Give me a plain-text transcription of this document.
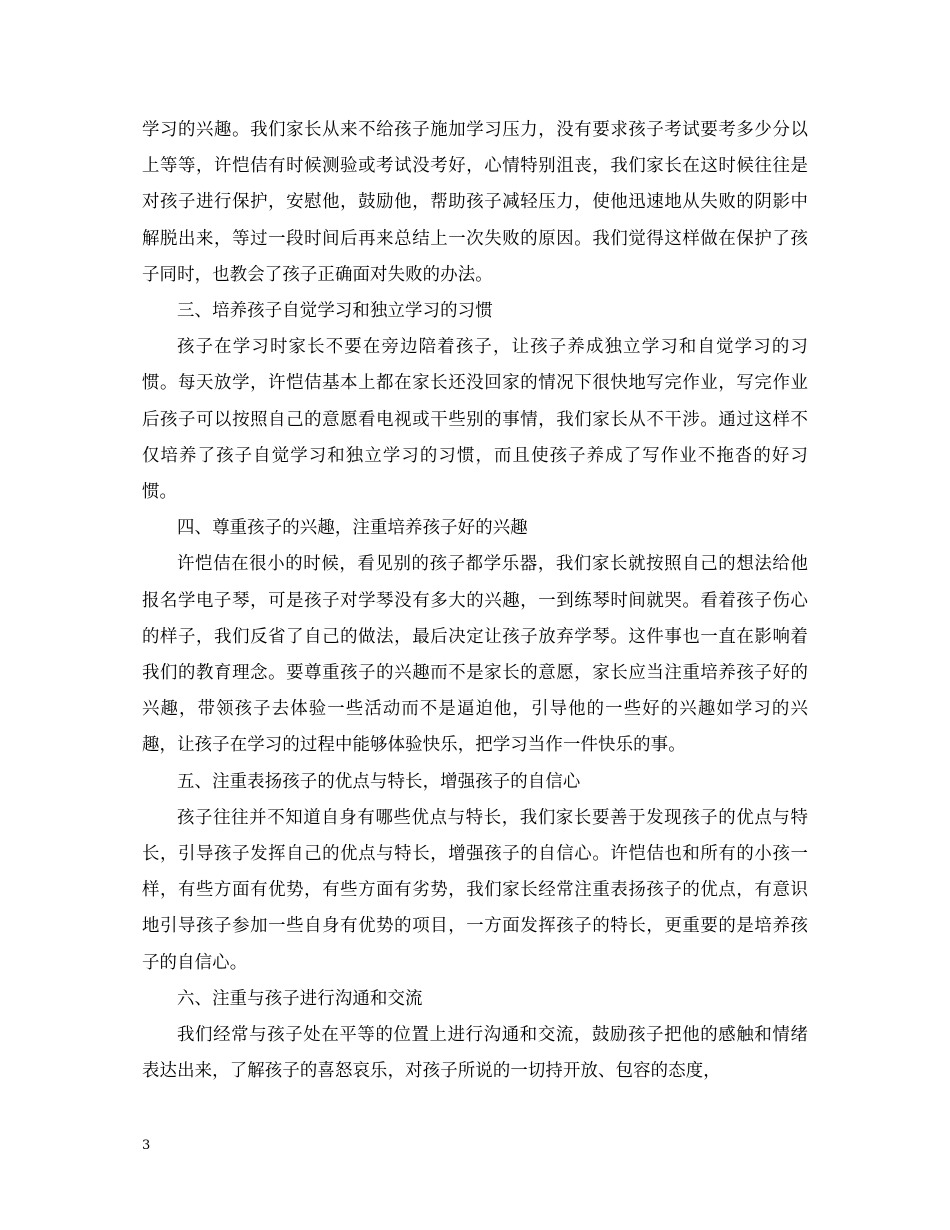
学习的兴趣。我们家长从来不给孩子施加学习压力，没有要求孩子考试要考多少分以上等等，许恺佶有时候测验或考试没考好，心情特别沮丧，我们家长在这时候往往是对孩子进行保护，安慰他，鼓励他，帮助孩子减轻压力，使他迅速地从失败的阴影中解脱出来，等过一段时间后再来总结上一次失败的原因。我们觉得这样做在保护了孩子同时，也教会了孩子正确面对失败的办法。

三、培养孩子自觉学习和独立学习的习惯

孩子在学习时家长不要在旁边陪着孩子，让孩子养成独立学习和自觉学习的习惯。每天放学，许恺佶基本上都在家长还没回家的情况下很快地写完作业，写完作业后孩子可以按照自己的意愿看电视或干些别的事情，我们家长从不干涉。通过这样不仅培养了孩子自觉学习和独立学习的习惯，而且使孩子养成了写作业不拖沓的好习惯。

四、尊重孩子的兴趣，注重培养孩子好的兴趣

许恺佶在很小的时候，看见别的孩子都学乐器，我们家长就按照自己的想法给他报名学电子琴，可是孩子对学琴没有多大的兴趣，一到练琴时间就哭。看着孩子伤心的样子，我们反省了自己的做法，最后决定让孩子放弃学琴。这件事也一直在影响着我们的教育理念。要尊重孩子的兴趣而不是家长的意愿，家长应当注重培养孩子好的兴趣，带领孩子去体验一些活动而不是逼迫他，引导他的一些好的兴趣如学习的兴趣，让孩子在学习的过程中能够体验快乐，把学习当作一件快乐的事。

五、注重表扬孩子的优点与特长，增强孩子的自信心

孩子往往并不知道自身有哪些优点与特长，我们家长要善于发现孩子的优点与特长，引导孩子发挥自己的优点与特长，增强孩子的自信心。许恺佶也和所有的小孩一样，有些方面有优势，有些方面有劣势，我们家长经常注重表扬孩子的优点，有意识地引导孩子参加一些自身有优势的项目，一方面发挥孩子的特长，更重要的是培养孩子的自信心。

六、注重与孩子进行沟通和交流

我们经常与孩子处在平等的位置上进行沟通和交流，鼓励孩子把他的感触和情绪表达出来，了解孩子的喜怒哀乐，对孩子所说的一切持开放、包容的态度，

3
